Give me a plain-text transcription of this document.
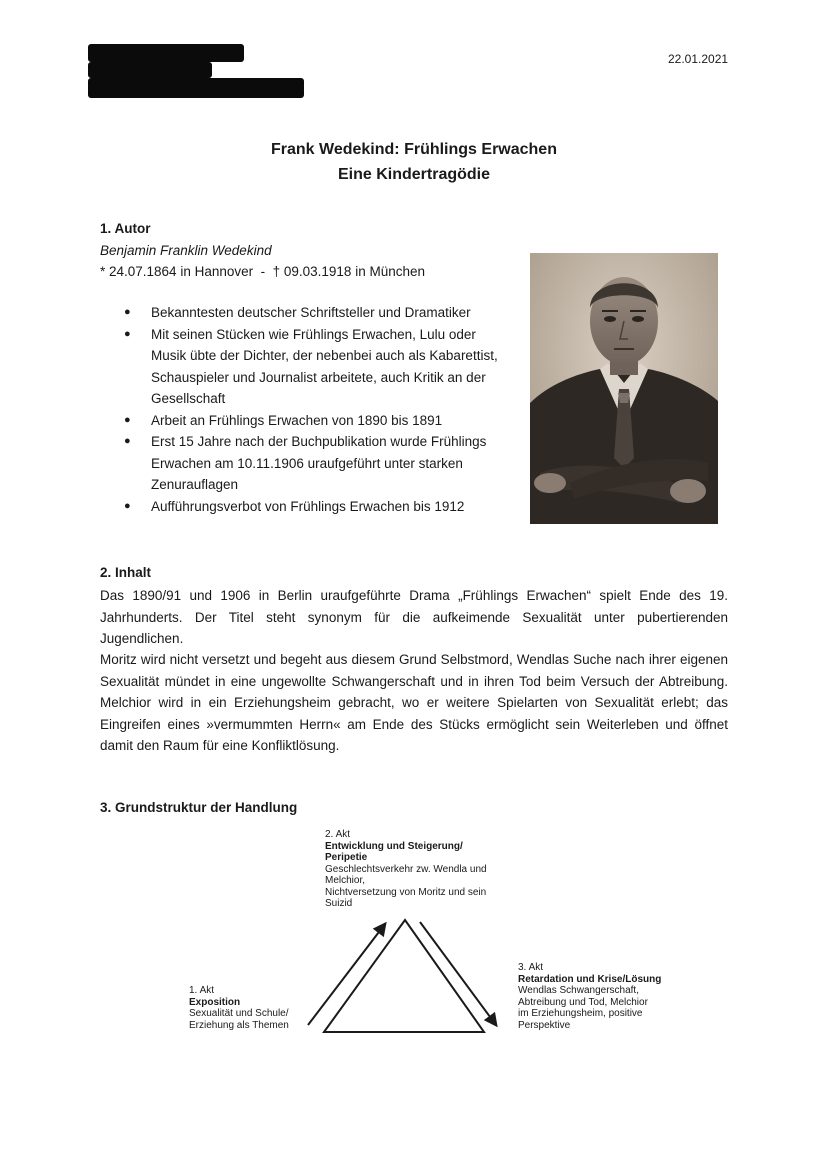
22.01.2021
Frank Wedekind: Frühlings Erwachen
Eine Kindertragödie
1. Autor
Benjamin Franklin Wedekind
* 24.07.1864 in Hannover  -  † 09.03.1918 in München
● Bekanntesten deutscher Schriftsteller und Dramatiker
● Mit seinen Stücken wie Frühlings Erwachen, Lulu oder Musik übte der Dichter, der nebenbei auch als Kabarettist, Schauspieler und Journalist arbeitete, auch Kritik an der Gesellschaft
● Arbeit an Frühlings Erwachen von 1890 bis 1891
● Erst 15 Jahre nach der Buchpublikation wurde Frühlings Erwachen am 10.11.1906 uraufgeführt unter starken Zenurauflagen
● Aufführungsverbot von Frühlings Erwachen bis 1912
2. Inhalt

Das 1890/91 und 1906 in Berlin uraufgeführte Drama „Frühlings Erwachen“ spielt Ende des 19. Jahrhunderts. Der Titel steht synonym für die aufkeimende Sexualität unter pubertierenden Jugendlichen.

Moritz wird nicht versetzt und begeht aus diesem Grund Selbstmord, Wendlas Suche nach ihrer eigenen Sexualität mündet in eine ungewollte Schwangerschaft und in ihren Tod beim Versuch der Abtreibung. Melchior wird in ein Erziehungsheim gebracht, wo er weitere Spielarten von Sexualität erlebt; das Eingreifen eines »vermummten Herrn« am Ende des Stücks ermöglicht sein Weiterleben und öffnet damit den Raum für eine Konfliktlösung.

3. Grundstruktur der Handlung
2. Akt
Entwicklung und Steigerung/ Peripetie
Geschlechtsverkehr zw. Wendla und
Melchior,
Nichtversetzung von Moritz und sein
Suizid
1. Akt
Exposition
Sexualität und Schule/
Erziehung als Themen
3. Akt
Retardation und Krise/Lösung
Wendlas Schwangerschaft,
Abtreibung und Tod, Melchior
im Erziehungsheim, positive
Perspektive
